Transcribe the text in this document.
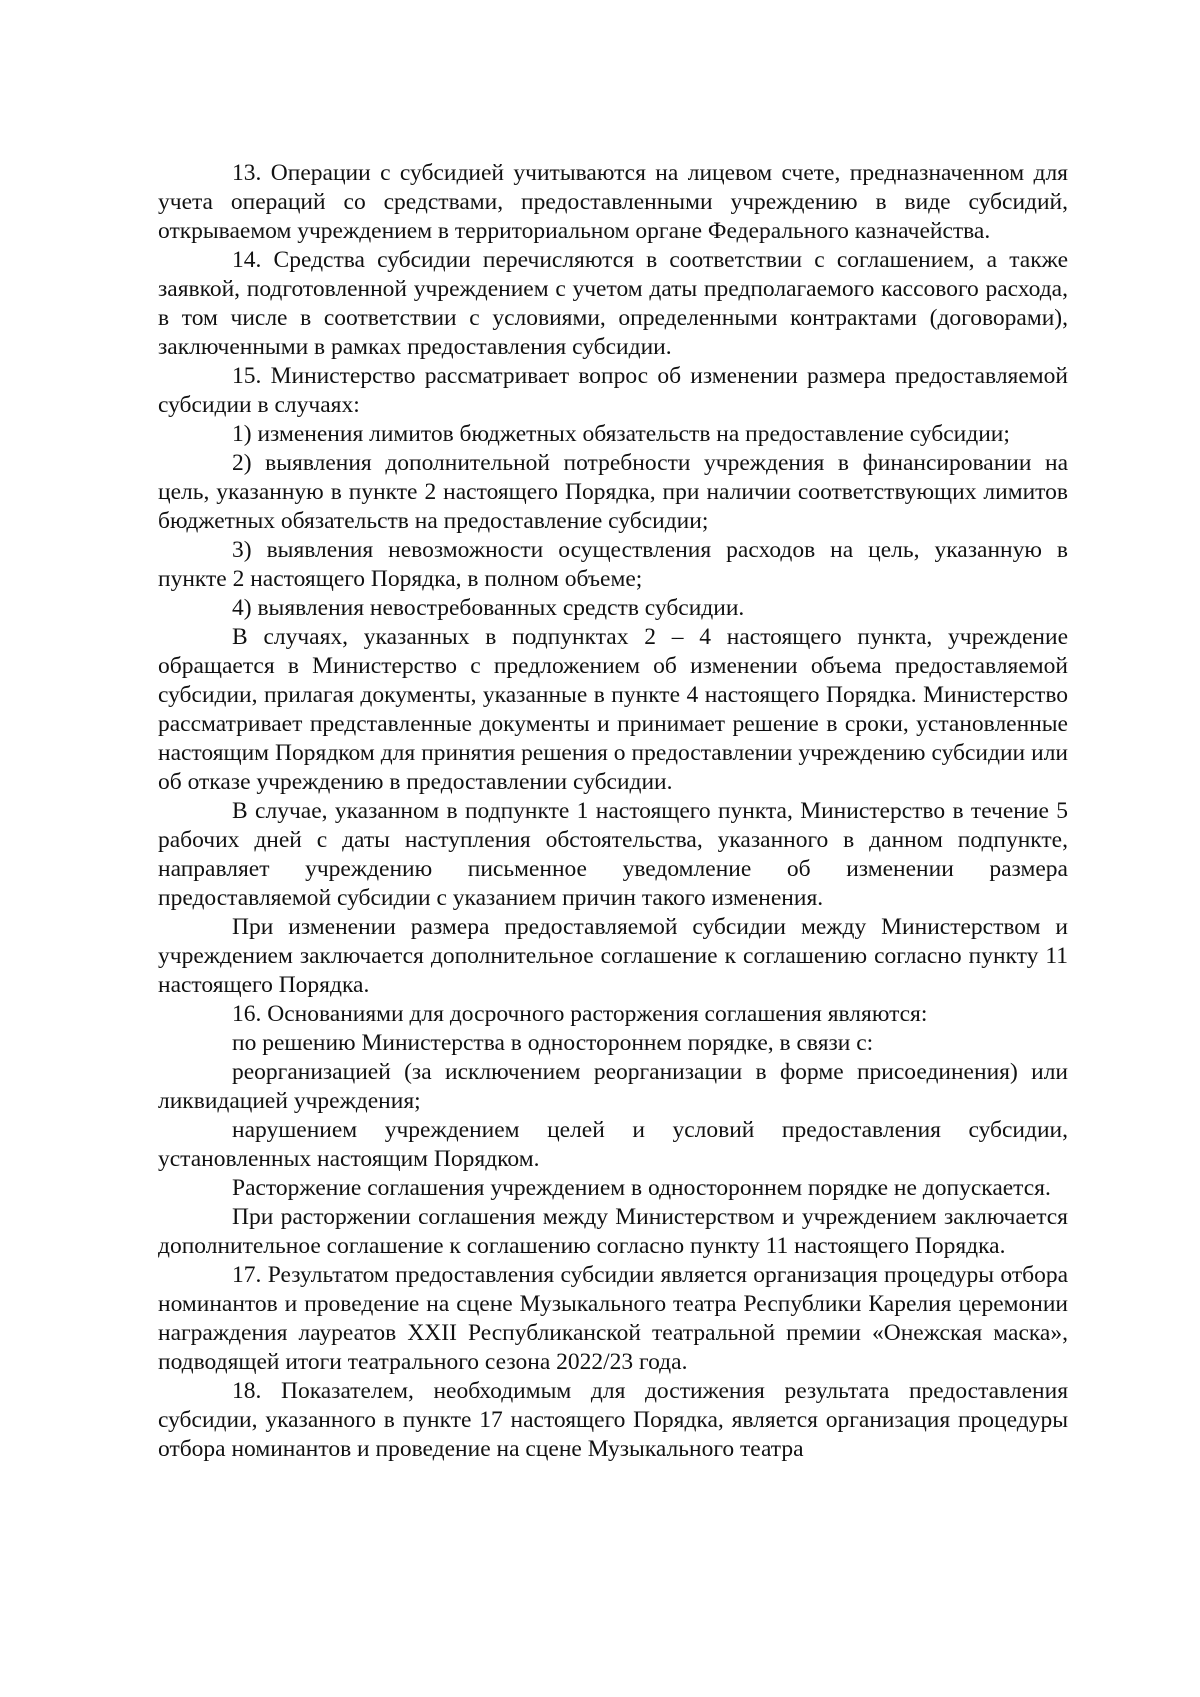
13. Операции с субсидией учитываются на лицевом счете, предназначенном для учета операций со средствами, предоставленными учреждению в виде субсидий, открываемом учреждением в территориальном органе Федерального казначейства.

14. Средства субсидии перечисляются в соответствии с соглашением, а также заявкой, подготовленной учреждением с учетом даты предполагаемого кассового расхода, в том числе в соответствии с условиями, определенными контрактами (договорами), заключенными в рамках предоставления субсидии.

15. Министерство рассматривает вопрос об изменении размера предоставляемой субсидии в случаях:

1) изменения лимитов бюджетных обязательств на предоставление субсидии;

2) выявления дополнительной потребности учреждения в финансировании на цель, указанную в пункте 2 настоящего Порядка, при наличии соответствующих лимитов бюджетных обязательств на предоставление субсидии;

3) выявления невозможности осуществления расходов на цель, указанную в пункте 2 настоящего Порядка, в полном объеме;

4) выявления невостребованных средств субсидии.

В случаях, указанных в подпунктах 2 – 4 настоящего пункта, учреждение обращается в Министерство с предложением об изменении объема предоставляемой субсидии, прилагая документы, указанные в пункте 4 настоящего Порядка. Министерство рассматривает представленные документы и принимает решение в сроки, установленные настоящим Порядком для принятия решения о предоставлении учреждению субсидии или об отказе учреждению в предоставлении субсидии.

В случае, указанном в подпункте 1 настоящего пункта, Министерство в течение 5 рабочих дней с даты наступления обстоятельства, указанного в данном подпункте, направляет учреждению письменное уведомление об изменении размера предоставляемой субсидии с указанием причин такого изменения.

При изменении размера предоставляемой субсидии между Министерством и учреждением заключается дополнительное соглашение к соглашению согласно пункту 11 настоящего Порядка.

16. Основаниями для досрочного расторжения соглашения являются:

по решению Министерства в одностороннем порядке, в связи с:

реорганизацией (за исключением реорганизации в форме присоединения) или ликвидацией учреждения;

нарушением учреждением целей и условий предоставления субсидии, установленных настоящим Порядком.

Расторжение соглашения учреждением в одностороннем порядке не допускается.

При расторжении соглашения между Министерством и учреждением заключается дополнительное соглашение к соглашению согласно пункту 11 настоящего Порядка.

17. Результатом предоставления субсидии является организация процедуры отбора номинантов и проведение на сцене Музыкального театра Республики Карелия церемонии награждения лауреатов XXII Республиканской театральной премии «Онежская маска», подводящей итоги театрального сезона 2022/23 года.

18. Показателем, необходимым для достижения результата предоставления субсидии, указанного в пункте 17 настоящего Порядка, является организация процедуры отбора номинантов и проведение на сцене Музыкального театра
